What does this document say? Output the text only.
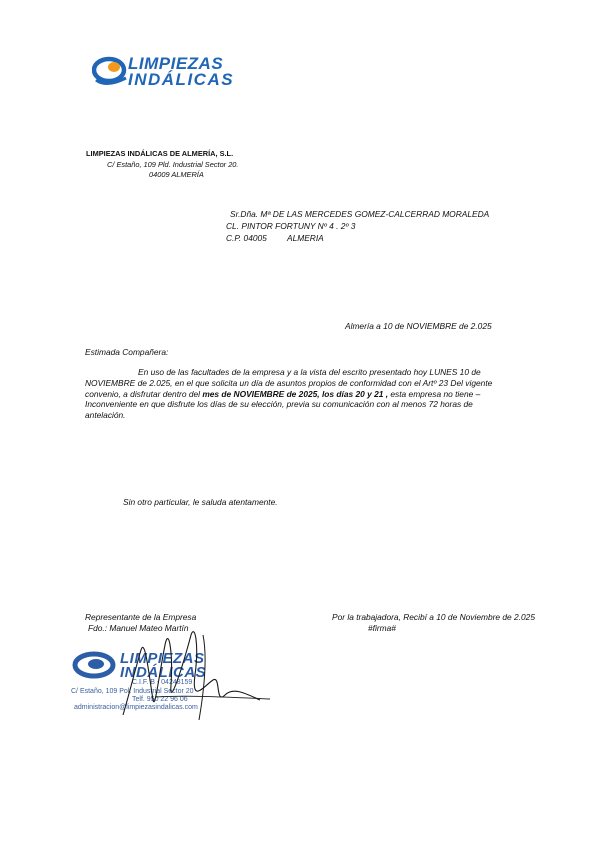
LIMPIEZAS
INDÁLICAS
LIMPIEZAS INDÁLICAS DE ALMERÍA, S.L.
C/ Estaño, 109 Pld. Industrial Sector 20.
04009 ALMERÍA
Sr.Dña. Mª DE LAS MERCEDES GOMEZ-CALCERRAD MORALEDA
CL. PINTOR FORTUNY Nº 4 . 2º 3
C.P. 04005 ALMERIA
Almería a 10 de NOVIEMBRE de 2.025
Estimada Compañera:
En uso de las facultades de la empresa y a la vista del escrito presentado hoy LUNES 10 de NOVIEMBRE de 2.025, en el que solicita un día de asuntos propios de conformidad con el Artº 23 Del vigente convenio, a disfrutar dentro del mes de NOVIEMBRE de 2025, los días 20 y 21 , esta empresa no tiene –
Inconveniente en que disfrute los días de su elección, previa su comunicación con al menos 72 horas de antelación.
Sin otro particular, le saluda atentamente.
Representante de la Empresa
Fdo.: Manuel Mateo Martín
Por la trabajadora, Recibí a 10 de Noviembre de 2.025
#firma#
LIMPIEZAS
INDÁLICAS
C.I.F. B - 04248159
C/ Estaño, 109 Pol. Industrial Sector 20
Telf. 950 22 96 06
administracion@limpiezasindalicas.com
